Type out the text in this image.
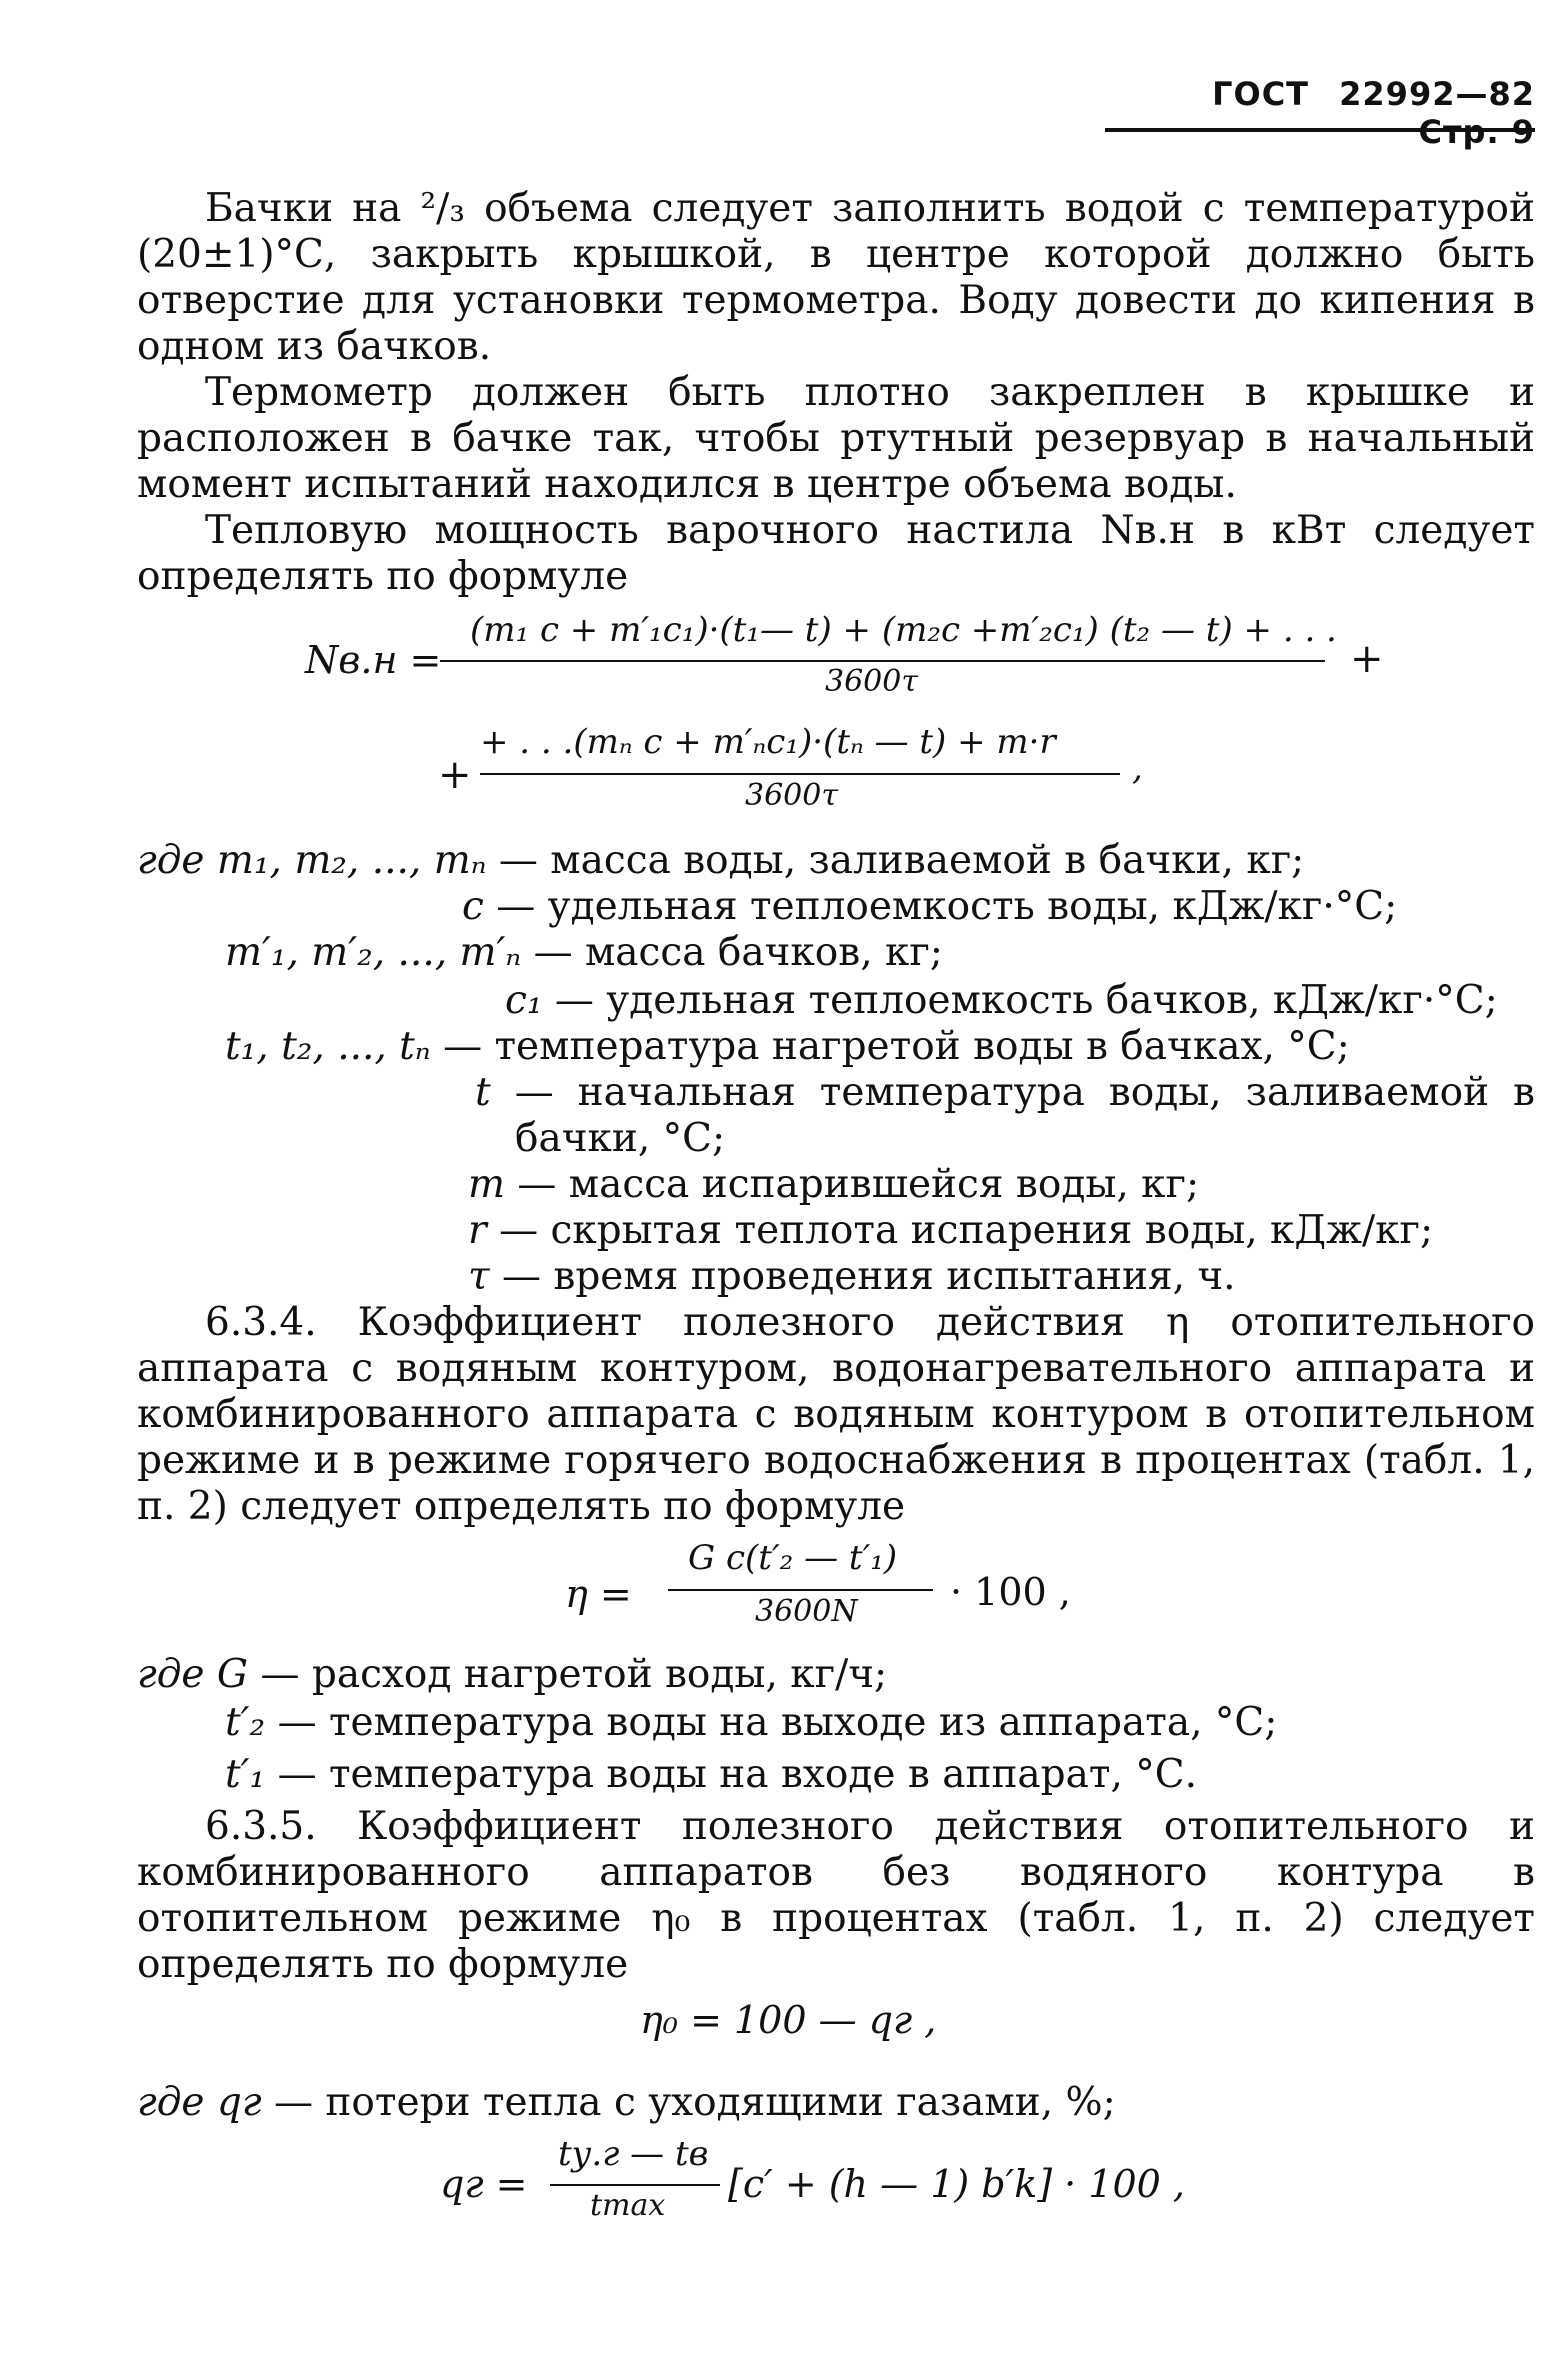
ГОСТ 22992—82 Стр. 9

Бачки на ²/₃ объема следует заполнить водой с температурой (20±1)°С, закрыть крышкой, в центре которой должно быть отверстие для установки термометра. Воду довести до кипения в одном из бачков.

Термометр должен быть плотно закреплен в крышке и расположен в бачке так, чтобы ртутный резервуар в начальный момент испытаний находился в центре объема воды.

Тепловую мощность варочного настила Nв.н в кВт следует определять по формуле

Nв.н =
(m₁ c + m′₁c₁)·(t₁— t) + (m₂c +m′₂c₁) (t₂ — t) + . . .
3600τ	+
+
+ . . .(mₙ c + m′ₙc₁)·(tₙ — t) + m·r
3600τ
,
где m₁, m₂, ..., mₙ — масса воды, заливаемой в бачки, кг;
c — удельная теплоемкость воды, кДж/кг·°С;
m′₁, m′₂, ..., m′ₙ — масса бачков, кг;
c₁ — удельная теплоемкость бачков, кДж/кг·°С;
t₁, t₂, ..., tₙ — температура нагретой воды в бачках, °С;
t — начальная температура воды, заливаемой в
бачки, °С;
m — масса испарившейся воды, кг;
r — скрытая теплота испарения воды, кДж/кг;
τ — время проведения испытания, ч.

6.3.4. Коэффициент полезного действия η отопительного аппарата с водяным контуром, водонагревательного аппарата и комбинированного аппарата с водяным контуром в отопительном режиме и в режиме горячего водоснабжения в процентах (табл. 1, п. 2) следует определять по формуле

η =
G c(t′₂ — t′₁)
3600N · 100 ,
где G — расход нагретой воды, кг/ч;
t′₂ — температура воды на выходе из аппарата, °С;
t′₁ — температура воды на входе в аппарат, °С.

6.3.5. Коэффициент полезного действия отопительного и комбинированного аппаратов без водяного контура в отопительном режиме η₀ в процентах (табл. 1, п. 2) следует определять по формуле

η₀ = 100 — qг ,
где qг — потери тепла с уходящими газами, %;
qг =
tу.г — tв
tmax [c′ + (h — 1) b′k] · 100 ,
